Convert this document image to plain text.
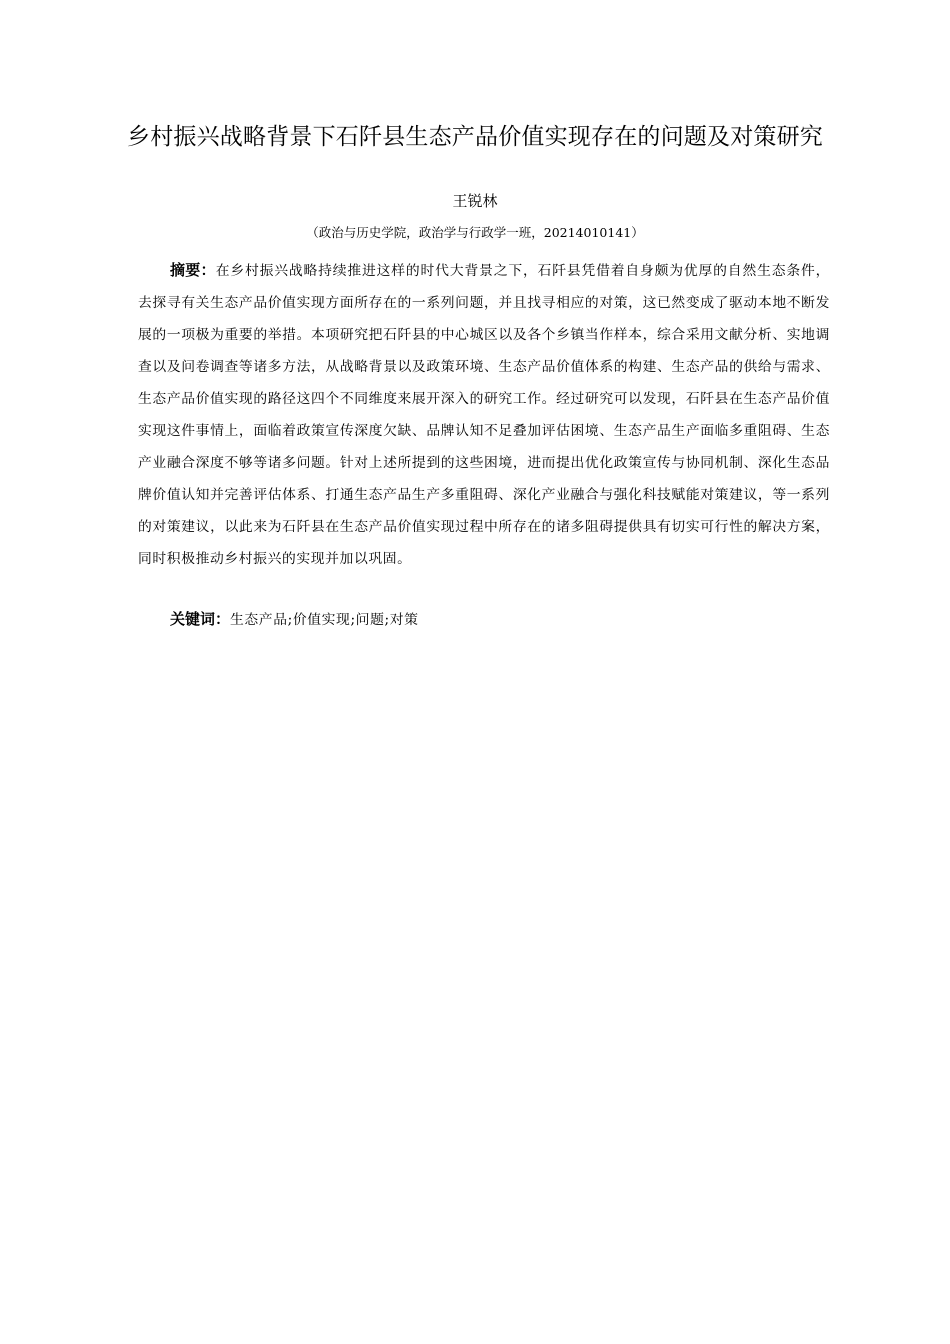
乡村振兴战略背景下石阡县生态产品价值实现存在的问题及对策研究
王锐林
（政治与历史学院，政治学与行政学一班，20214010141）
摘要：在乡村振兴战略持续推进这样的时代大背景之下，石阡县凭借着自身颇为优厚的自然生态条件，去探寻有关生态产品价值实现方面所存在的一系列问题，并且找寻相应的对策，这已然变成了驱动本地不断发展的一项极为重要的举措。本项研究把石阡县的中心城区以及各个乡镇当作样本，综合采用文献分析、实地调查以及问卷调查等诸多方法，从战略背景以及政策环境、生态产品价值体系的构建、生态产品的供给与需求、生态产品价值实现的路径这四个不同维度来展开深入的研究工作。经过研究可以发现，石阡县在生态产品价值实现这件事情上，面临着政策宣传深度欠缺、品牌认知不足叠加评估困境、生态产品生产面临多重阻碍、生态产业融合深度不够等诸多问题。针对上述所提到的这些困境，进而提出优化政策宣传与协同机制、深化生态品牌价值认知并完善评估体系、打通生态产品生产多重阻碍、深化产业融合与强化科技赋能对策建议，等一系列的对策建议，以此来为石阡县在生态产品价值实现过程中所存在的诸多阻碍提供具有切实可行性的解决方案，同时积极推动乡村振兴的实现并加以巩固。
关键词：生态产品;价值实现;问题;对策
